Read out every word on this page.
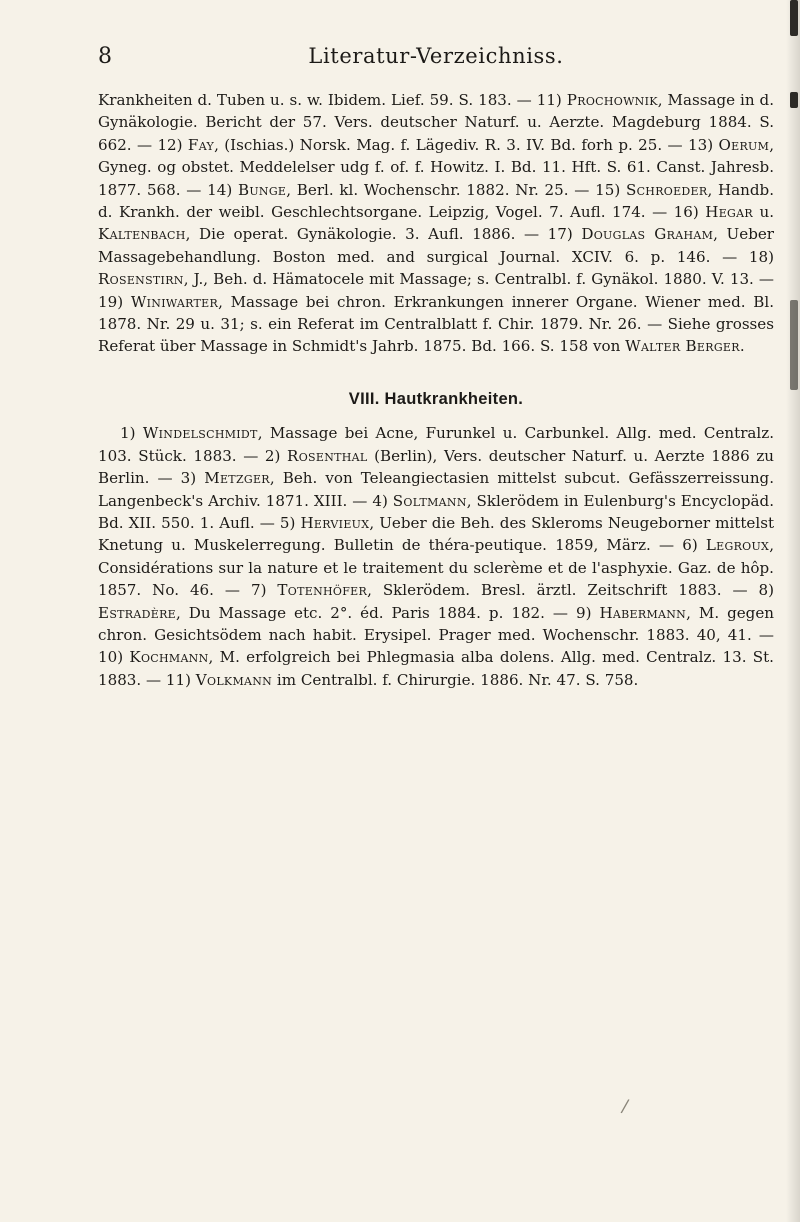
8	Literatur-Verzeichniss.

Krankheiten d. Tuben u. s. w. Ibidem. Lief. 59. S. 183. — 11) Prochownik, Massage in d. Gynäkologie. Bericht der 57. Vers. deutscher Naturf. u. Aerzte. Magdeburg 1884. S. 662. — 12) Fay, (Ischias.) Norsk. Mag. f. Lägediv. R. 3. IV. Bd. forh p. 25. — 13) Oerum, Gyneg. og obstet. Meddelelser udg f. of. f. Howitz. I. Bd. 11. Hft. S. 61. Canst. Jahresb. 1877. 568. — 14) Bunge, Berl. kl. Wochenschr. 1882. Nr. 25. — 15) Schroeder, Handb. d. Krankh. der weibl. Geschlechtsorgane. Leipzig, Vogel. 7. Aufl. 174. — 16) Hegar u. Kaltenbach, Die operat. Gynäkologie. 3. Aufl. 1886. — 17) Douglas Graham, Ueber Massagebehandlung. Boston med. and surgical Journal. XCIV. 6. p. 146. — 18) Rosenstirn, J., Beh. d. Hämatocele mit Massage; s. Centralbl. f. Gynäkol. 1880. V. 13. — 19) Winiwarter, Massage bei chron. Erkrankungen innerer Organe. Wiener med. Bl. 1878. Nr. 29 u. 31; s. ein Referat im Centralblatt f. Chir. 1879. Nr. 26. — Siehe grosses Referat über Massage in Schmidt's Jahrb. 1875. Bd. 166. S. 158 von Walter Berger.

VIII. Hautkrankheiten.

1) Windelschmidt, Massage bei Acne, Furunkel u. Carbunkel. Allg. med. Centralz. 103. Stück. 1883. — 2) Rosenthal (Berlin), Vers. deutscher Naturf. u. Aerzte 1886 zu Berlin. — 3) Metzger, Beh. von Teleangiectasien mittelst subcut. Gefässzerreissung. Langenbeck's Archiv. 1871. XIII. — 4) Soltmann, Sklerödem in Eulenburg's Encyclopäd. Bd. XII. 550. 1. Aufl. — 5) Hervieux, Ueber die Beh. des Skleroms Neugeborner mittelst Knetung u. Muskelerregung. Bulletin de théra-peutique. 1859, März. — 6) Legroux, Considérations sur la nature et le traitement du sclerème et de l'asphyxie. Gaz. de hôp. 1857. No. 46. — 7) Totenhöfer, Sklerödem. Bresl. ärztl. Zeitschrift 1883. — 8) Estradère, Du Massage etc. 2°. éd. Paris 1884. p. 182. — 9) Habermann, M. gegen chron. Gesichtsödem nach habit. Erysipel. Prager med. Wochenschr. 1883. 40, 41. — 10) Kochmann, M. erfolgreich bei Phlegmasia alba dolens. Allg. med. Centralz. 13. St. 1883. — 11) Volkmann im Centralbl. f. Chirurgie. 1886. Nr. 47. S. 758.

/
